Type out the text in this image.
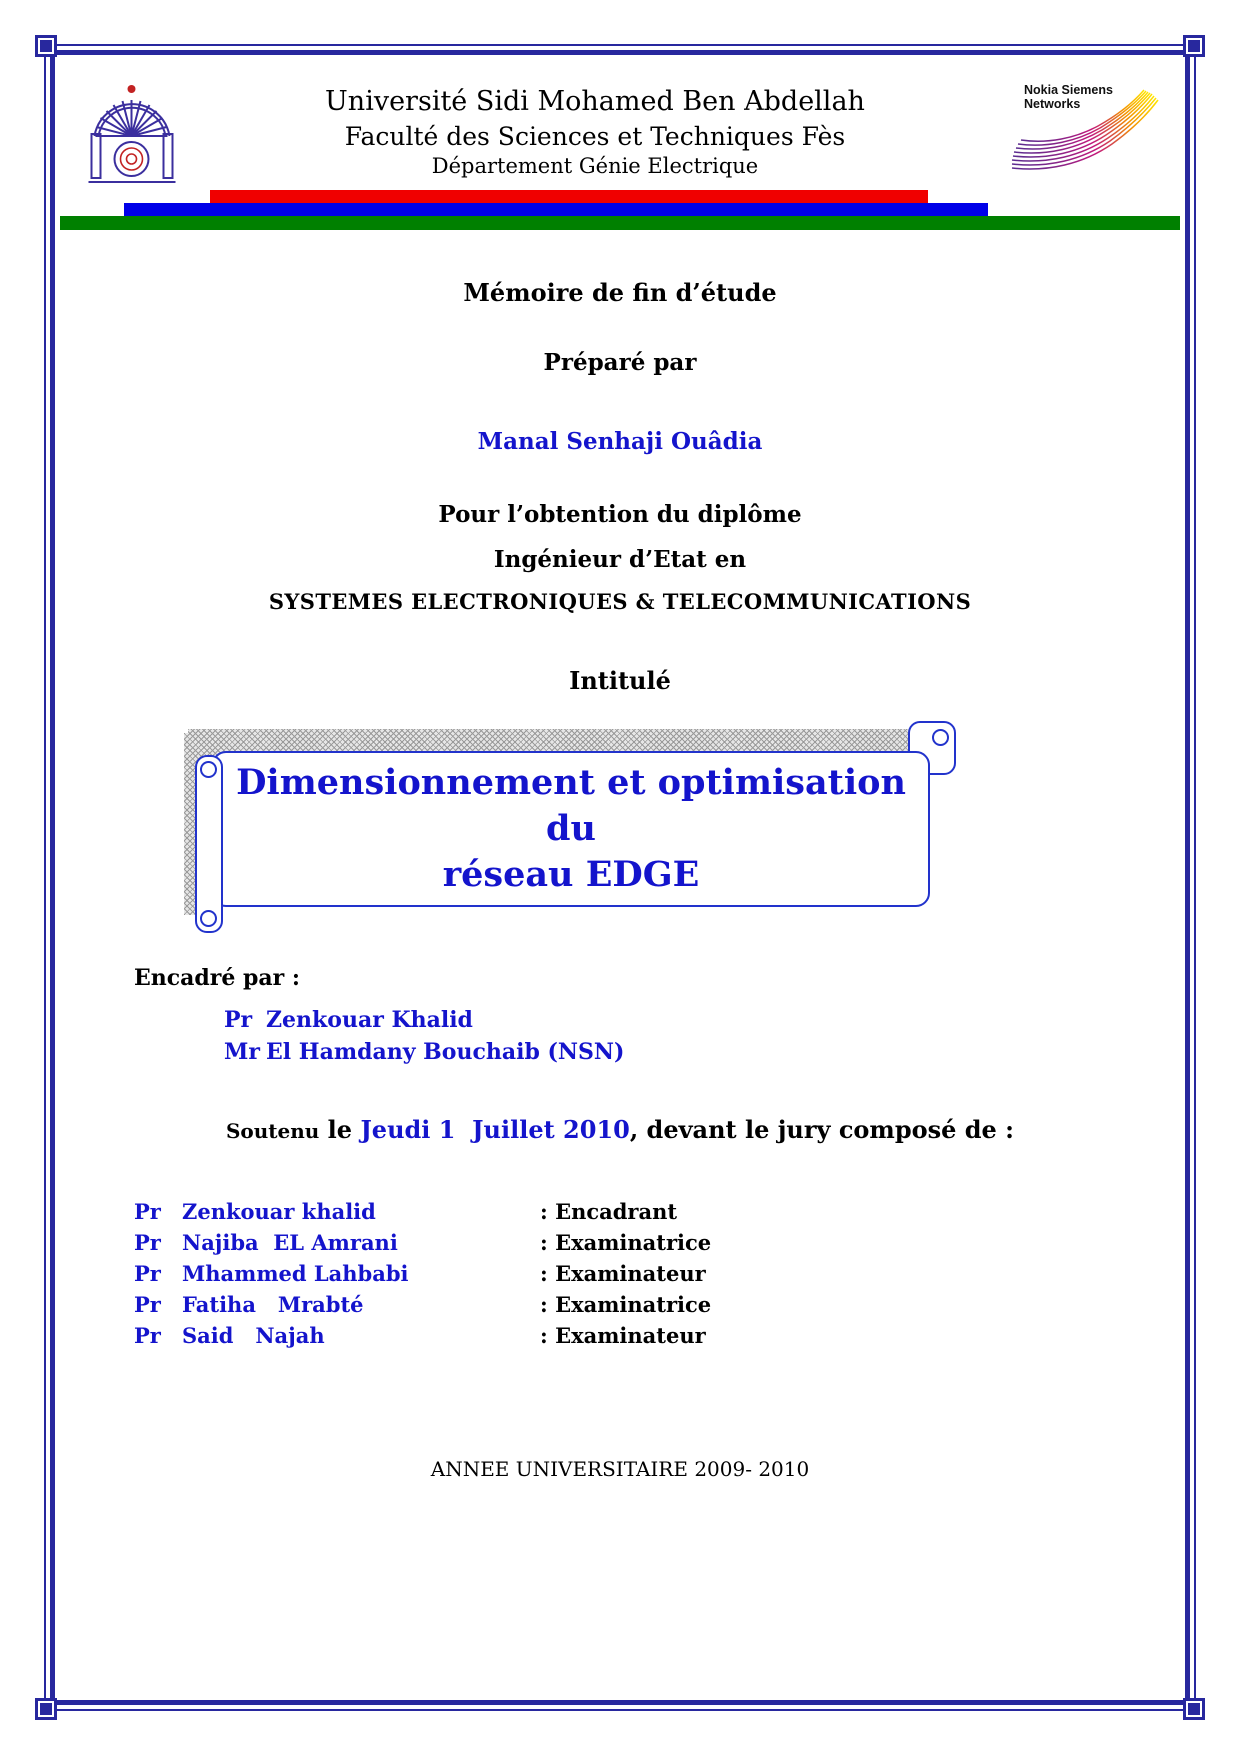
Université Sidi Mohamed Ben Abdellah
Faculté des Sciences et Techniques Fès
Département Génie Electrique
Nokia Siemens
Networks
Mémoire de fin d’étude
Préparé par
Manal Senhaji Ouâdia
Pour l’obtention du diplôme
Ingénieur d’Etat en
SYSTEMES ELECTRONIQUES & TELECOMMUNICATIONS
Intitulé
Dimensionnement et optimisation du
réseau EDGE
Encadré par :
Pr Zenkouar Khalid
Mr El Hamdany Bouchaib (NSN)
Soutenu le Jeudi 1  Juillet 2010, devant le jury composé de :
Pr	Zenkouar khalid	: Encadrant
Pr	Najiba  EL Amrani	: Examinatrice
Pr	Mhammed Lahbabi	: Examinateur
Pr	Fatiha   Mrabté	: Examinatrice
Pr	Said   Najah	: Examinateur
ANNEE UNIVERSITAIRE 2009- 2010
